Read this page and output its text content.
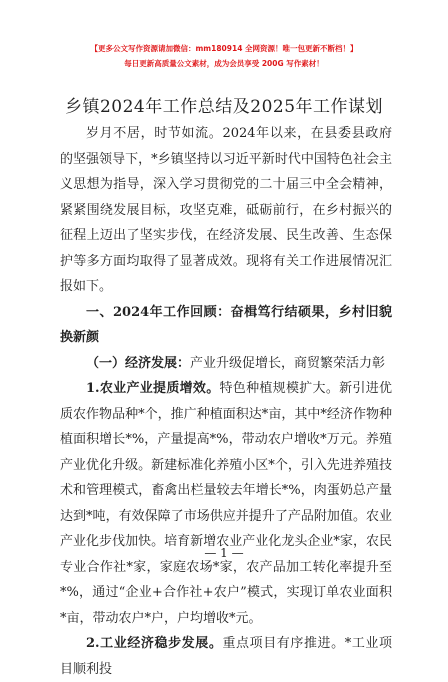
【更多公文写作资源请加微信：mm180914 全网资源！唯一包更新不断档！】
每日更新高质量公文素材，成为会员享受 200G 写作素材！
乡镇2024年工作总结及2025年工作谋划

岁月不居，时节如流。2024年以来，在县委县政府的坚强领导下，*乡镇坚持以习近平新时代中国特色社会主义思想为指导，深入学习贯彻党的二十届三中全会精神，紧紧围绕发展目标，攻坚克难，砥砺前行，在乡村振兴的征程上迈出了坚实步伐，在经济发展、民生改善、生态保护等多方面均取得了显著成效。现将有关工作进展情况汇报如下。

一、2024年工作回顾：奋楫笃行结硕果，乡村旧貌换新颜

（一）经济发展：产业升级促增长，商贸繁荣活力彰

1.农业产业提质增效。特色种植规模扩大。新引进优质农作物品种*个，推广种植面积达*亩，其中*经济作物种植面积增长*%，产量提高*%，带动农户增收*万元。养殖产业优化升级。新建标准化养殖小区*个，引入先进养殖技术和管理模式，畜禽出栏量较去年增长*%，肉蛋奶总产量达到*吨，有效保障了市场供应并提升了产品附加值。农业产业化步伐加快。培育新增农业产业化龙头企业*家，农民专业合作社*家，家庭农场*家，农产品加工转化率提升至*%，通过“企业+合作社+农户”模式，实现订单农业面积*亩，带动农户*户，户均增收*元。

2.工业经济稳步发展。重点项目有序推进。*工业项目顺利投

— 1 —
